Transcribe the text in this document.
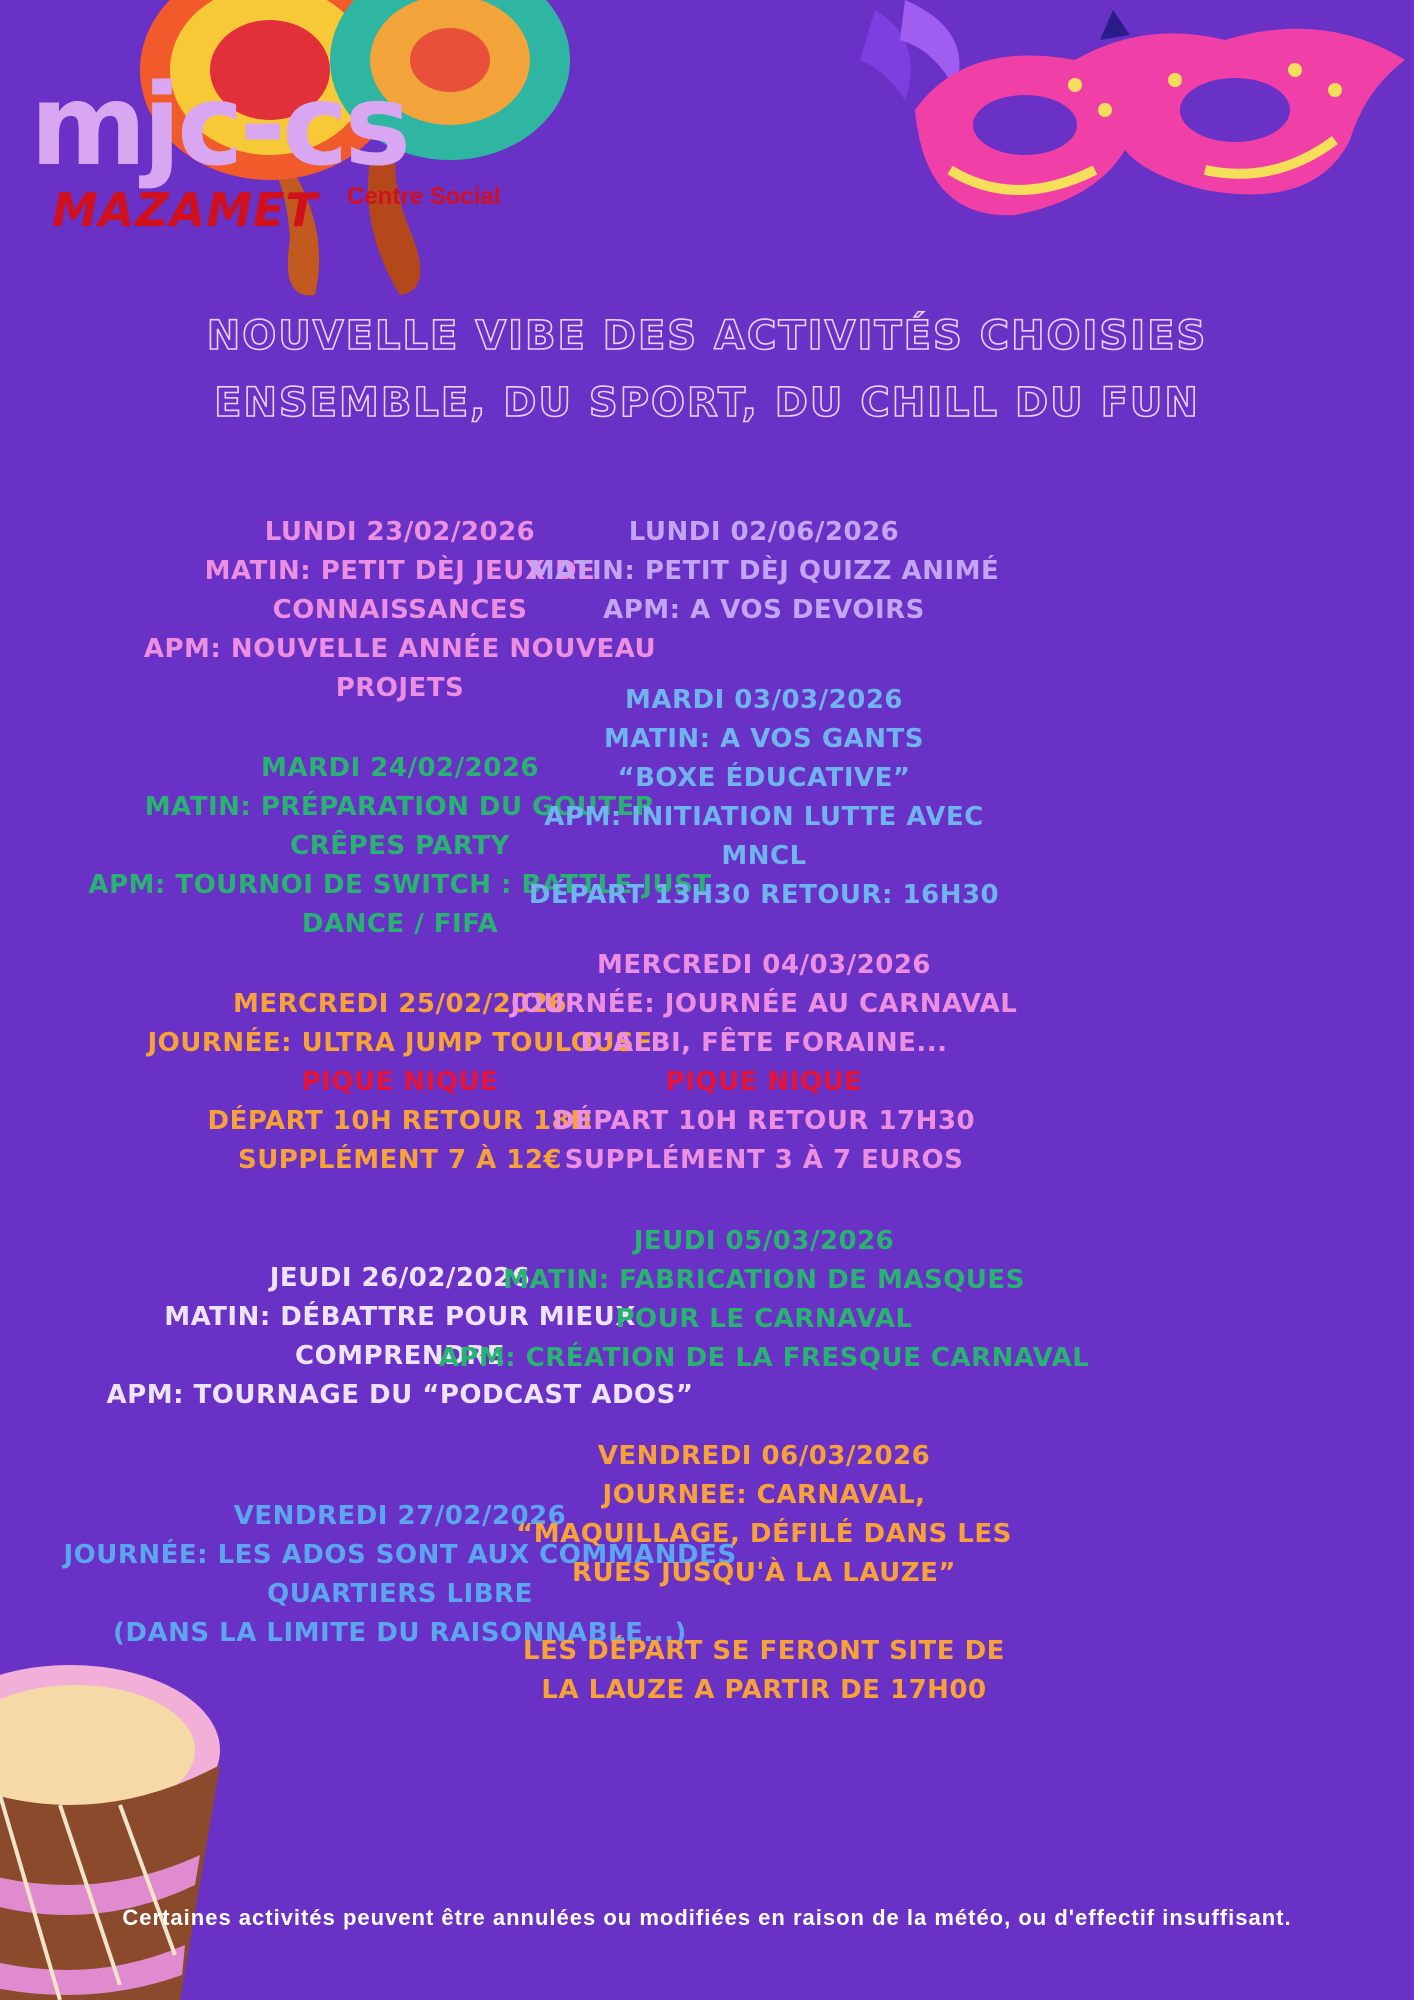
mjc-cs
MAZAMET Centre Social
NOUVELLE VIBE DES ACTIVITÉS CHOISIES
ENSEMBLE, DU SPORT, DU CHILL DU FUN
LUNDI 23/02/2026
MATIN: PETIT DÈJ JEUX DE
CONNAISSANCES
APM: NOUVELLE ANNÉE NOUVEAU
PROJETS
MARDI 24/02/2026
MATIN: PRÉPARATION DU GOUTER
CRÊPES PARTY
APM: TOURNOI DE SWITCH : BATTLE JUST
DANCE / FIFA
MERCREDI 25/02/2026
JOURNÉE: ULTRA JUMP TOULOUSE
PIQUE NIQUE
DÉPART 10H RETOUR 18H
SUPPLÉMENT 7 À 12€
JEUDI 26/02/2026
MATIN: DÉBATTRE POUR MIEUX
COMPRENDRE
APM: TOURNAGE DU “PODCAST ADOS”
VENDREDI 27/02/2026
JOURNÉE: LES ADOS SONT AUX COMMANDES
QUARTIERS LIBRE
(DANS LA LIMITE DU RAISONNABLE...)
LUNDI 02/06/2026
MATIN: PETIT DÈJ QUIZZ ANIMÉ
APM: A VOS DEVOIRS
MARDI 03/03/2026
MATIN: A VOS GANTS
“BOXE ÉDUCATIVE”
APM: INITIATION LUTTE AVEC
MNCL
DÉPART 13H30 RETOUR: 16H30
MERCREDI 04/03/2026
JOURNÉE: JOURNÉE AU CARNAVAL
D’ALBI, FÊTE FORAINE...
PIQUE NIQUE
DÉPART 10H RETOUR 17H30
SUPPLÉMENT 3 À 7 EUROS
JEUDI 05/03/2026
MATIN: FABRICATION DE MASQUES
POUR LE CARNAVAL
APM: CRÉATION DE LA FRESQUE CARNAVAL
VENDREDI 06/03/2026
JOURNEE: CARNAVAL,
“MAQUILLAGE, DÉFILÉ DANS LES
RUES JUSQU'À LA LAUZE”
LES DÉPART SE FERONT SITE DE
LA LAUZE A PARTIR DE 17H00
Certaines activités peuvent être annulées ou modifiées en raison de la météo, ou d'effectif insuffisant.
